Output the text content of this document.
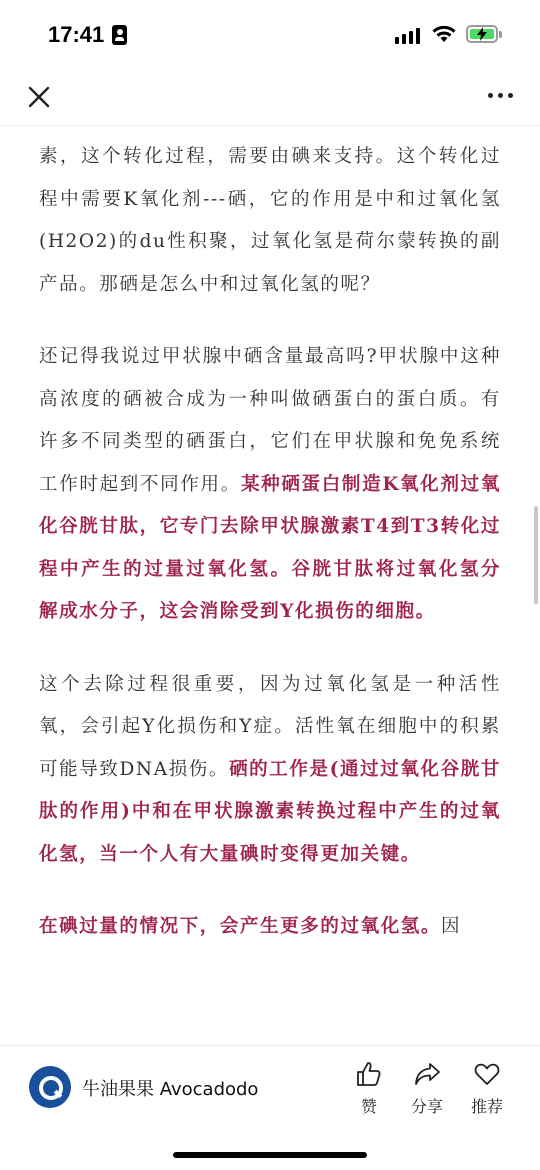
17:41

素，这个转化过程，需要由碘来支持。这个转化过程中需要K氧化剂---硒，它的作用是中和过氧化氢(H2O2)的du性积聚，过氧化氢是荷尔蒙转换的副产品。那硒是怎么中和过氧化氢的呢？

还记得我说过甲状腺中硒含量最高吗?甲状腺中这种高浓度的硒被合成为一种叫做硒蛋白的蛋白质。有许多不同类型的硒蛋白，它们在甲状腺和免免系统工作时起到不同作用。某种硒蛋白制造K氧化剂过氧化谷胱甘肽，它专门去除甲状腺激素T4到T3转化过程中产生的过量过氧化氢。谷胱甘肽将过氧化氢分解成水分子，这会消除受到Y化损伤的细胞。

这个去除过程很重要，因为过氧化氢是一种活性氧，会引起Y化损伤和Y症。活性氧在细胞中的积累可能导致DNA损伤。硒的工作是(通过过氧化谷胱甘肽的作用)中和在甲状腺激素转换过程中产生的过氧化氢，当一个人有大量碘时变得更加关键。

在碘过量的情况下，会产生更多的过氧化氢。因

牛油果果 Avocadodo
赞	分享	推荐
